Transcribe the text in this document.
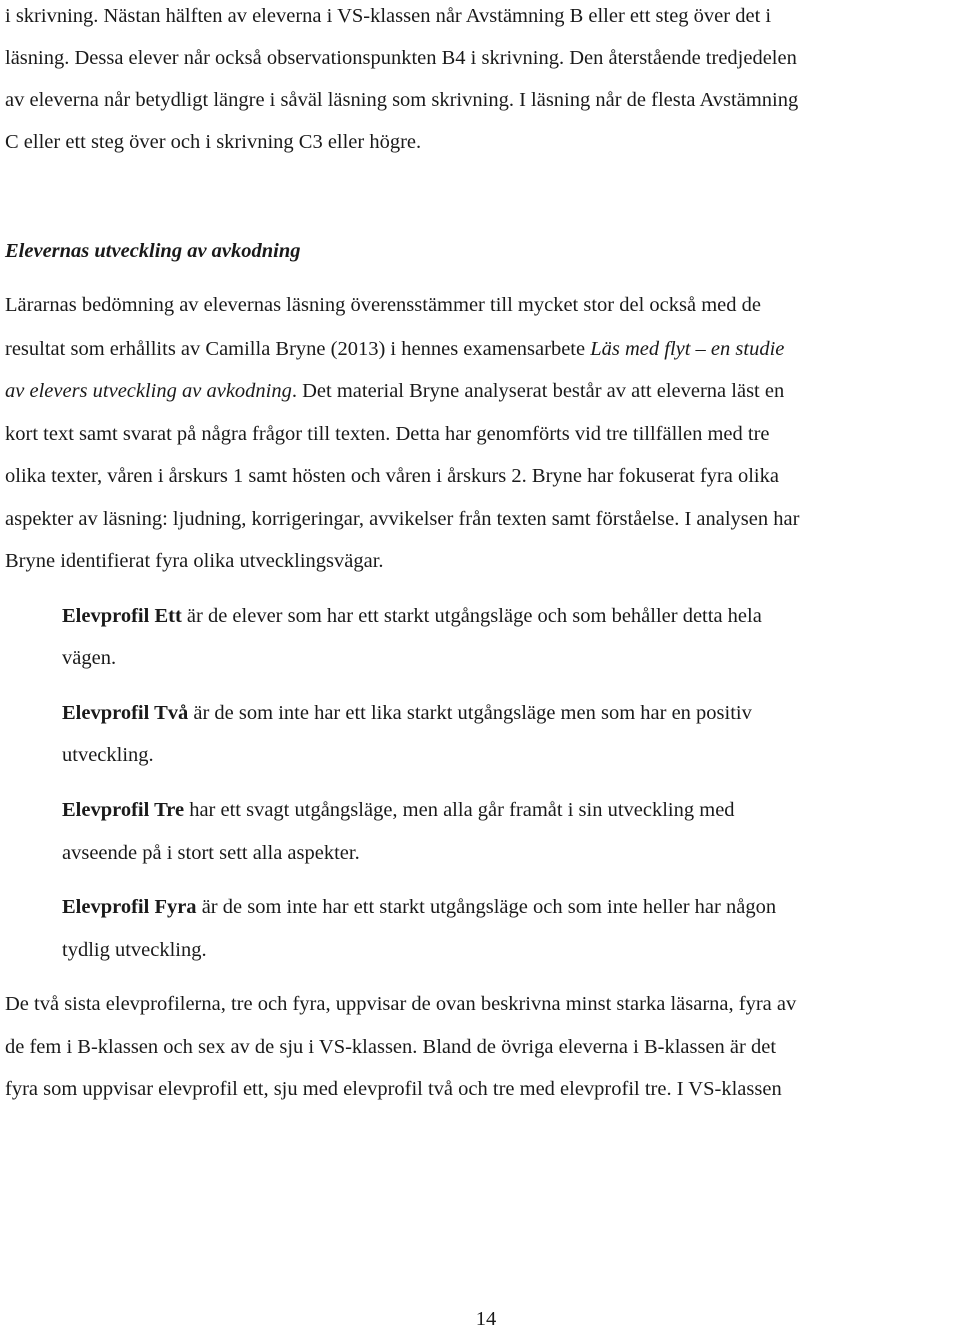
i skrivning. Nästan hälften av eleverna i VS-klassen når Avstämning B eller ett steg över det i
läsning. Dessa elever når också observationspunkten B4 i skrivning. Den återstående tredjedelen
av eleverna når betydligt längre i såväl läsning som skrivning. I läsning når de flesta Avstämning
C eller ett steg över och i skrivning C3 eller högre.
Elevernas utveckling av avkodning
Lärarnas bedömning av elevernas läsning överensstämmer till mycket stor del också med de
resultat som erhållits av Camilla Bryne (2013) i hennes examensarbete Läs med flyt – en studie
av elevers utveckling av avkodning. Det material Bryne analyserat består av att eleverna läst en
kort text samt svarat på några frågor till texten. Detta har genomförts vid tre tillfällen med tre
olika texter, våren i årskurs 1 samt hösten och våren i årskurs 2. Bryne har fokuserat fyra olika
aspekter av läsning: ljudning, korrigeringar, avvikelser från texten samt förståelse. I analysen har
Bryne identifierat fyra olika utvecklingsvägar.
Elevprofil Ett är de elever som har ett starkt utgångsläge och som behåller detta hela
vägen.
Elevprofil Två är de som inte har ett lika starkt utgångsläge men som har en positiv
utveckling.
Elevprofil Tre har ett svagt utgångsläge, men alla går framåt i sin utveckling med
avseende på i stort sett alla aspekter.
Elevprofil Fyra är de som inte har ett starkt utgångsläge och som inte heller har någon
tydlig utveckling.
De två sista elevprofilerna, tre och fyra, uppvisar de ovan beskrivna minst starka läsarna, fyra av
de fem i B-klassen och sex av de sju i VS-klassen. Bland de övriga eleverna i B-klassen är det
fyra som uppvisar elevprofil ett, sju med elevprofil två och tre med elevprofil tre. I VS-klassen
14
